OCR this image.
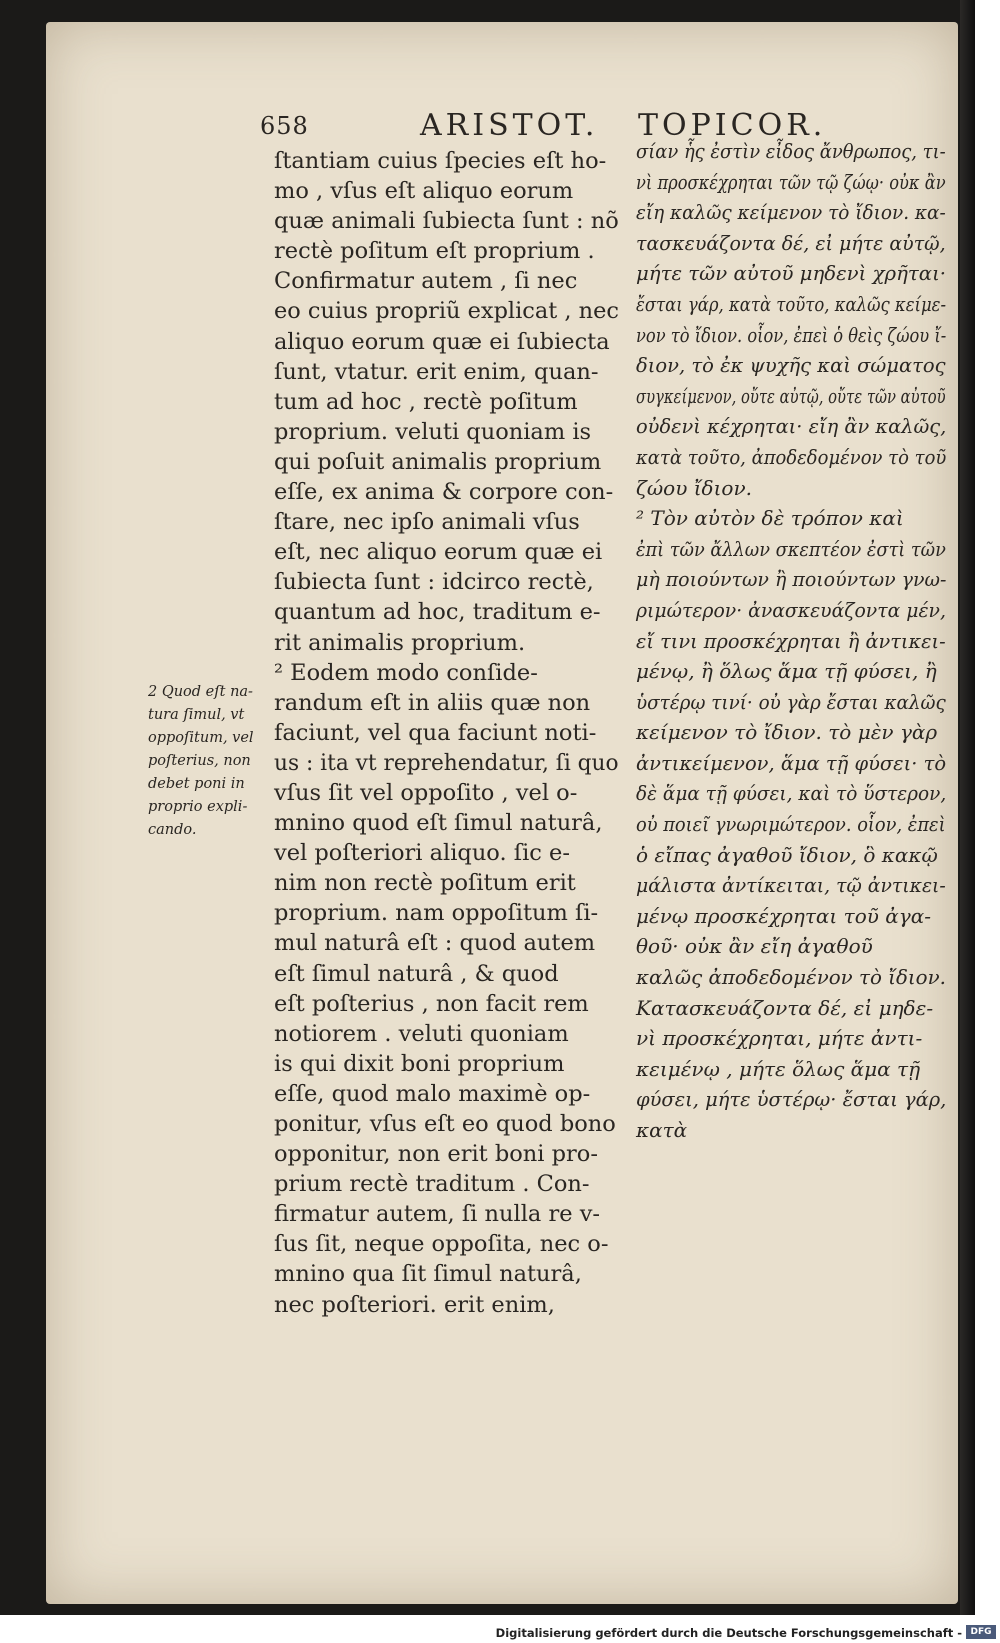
658	ARISTOT. TOPICOR.
ſtantiam cuius ſpecies eſt ho-
mo , vſus eſt aliquo eorum
quæ animali ſubiecta ſunt : nõ
rectè poſitum eſt proprium .
Confirmatur autem , ſi nec
eo cuius propriũ explicat , nec
aliquo eorum quæ ei ſubiecta
ſunt, vtatur. erit enim, quan-
tum ad hoc , rectè poſitum
proprium. veluti quoniam is
qui poſuit animalis proprium
eſſe, ex anima & corpore con-
ſtare, nec ipſo animali vſus
eſt, nec aliquo eorum quæ ei
ſubiecta ſunt : idcirco rectè,
quantum ad hoc, traditum e-
rit animalis proprium.
² Eodem modo conſide-
randum eſt in aliis quæ non
faciunt, vel qua faciunt noti-
us : ita vt reprehendatur, ſi quo
vſus ſit vel oppoſito , vel o-
mnino quod eſt ſimul naturâ,
vel poſteriori aliquo. ſic e-
nim non rectè poſitum erit
proprium. nam oppoſitum ſi-
mul naturâ eſt : quod autem
eſt ſimul naturâ , & quod
eſt poſterius , non facit rem
notiorem . veluti quoniam
is qui dixit boni proprium
eſſe, quod malo maximè op-
ponitur, vſus eſt eo quod bono
opponitur, non erit boni pro-
prium rectè traditum . Con-
firmatur autem, ſi nulla re v-
ſus ſit, neque oppoſita, nec o-
mnino qua ſit ſimul naturâ,
nec poſteriori. erit enim,
σίαν ἧς ἐστὶν εἶδος ἄνθρωπος, τι-
νὶ προσκέχρηται τῶν τῷ ζώῳ· οὐκ ἂν
εἴη καλῶς κείμενον τὸ ἴδιον. κα-
τασκευάζοντα δέ, εἰ μήτε αὐτῷ,
μήτε τῶν αὐτοῦ μηδενὶ χρῆται·
ἔσται γάρ, κατὰ τοῦτο, καλῶς κείμε-
νον τὸ ἴδιον. οἷον, ἐπεὶ ὁ θεὶς ζώου ἴ-
διον, τὸ ἐκ ψυχῆς καὶ σώματος
συγκείμενον, οὔτε αὐτῷ, οὔτε τῶν αὐτοῦ
οὐδενὶ κέχρηται· εἴη ἂν καλῶς,
κατὰ τοῦτο, ἀποδεδομένον τὸ τοῦ
ζώου ἴδιον.
² Τὸν αὐτὸν δὲ τρόπον καὶ
ἐπὶ τῶν ἄλλων σκεπτέον ἐστὶ τῶν
μὴ ποιούντων ἢ ποιούντων γνω-
ριμώτερον· ἀνασκευάζοντα μέν,
εἴ τινι προσκέχρηται ἢ ἀντικει-
μένῳ, ἢ ὅλως ἅμα τῇ φύσει, ἢ
ὑστέρῳ τινί· οὐ γὰρ ἔσται καλῶς
κείμενον τὸ ἴδιον. τὸ μὲν γὰρ
ἀντικείμενον, ἅμα τῇ φύσει· τὸ
δὲ ἅμα τῇ φύσει, καὶ τὸ ὕστερον,
οὐ ποιεῖ γνωριμώτερον. οἷον, ἐπεὶ
ὁ εἴπας ἀγαθοῦ ἴδιον, ὃ κακῷ
μάλιστα ἀντίκειται, τῷ ἀντικει-
μένῳ προσκέχρηται τοῦ ἀγα-
θοῦ· οὐκ ἂν εἴη ἀγαθοῦ
καλῶς ἀποδεδομένον τὸ ἴδιον.
Κατασκευάζοντα δέ, εἰ μηδε-
νὶ προσκέχρηται, μήτε ἀντι-
κειμένῳ , μήτε ὅλως ἅμα τῇ
φύσει, μήτε ὑστέρῳ· ἔσται γάρ,
κατὰ
2 Quod eſt na-
tura ſimul, vt
oppoſitum, vel
poſterius, non
debet poni in
proprio expli-
cando.
Digitalisierung gefördert durch die Deutsche Forschungsgemeinschaft - DFG
